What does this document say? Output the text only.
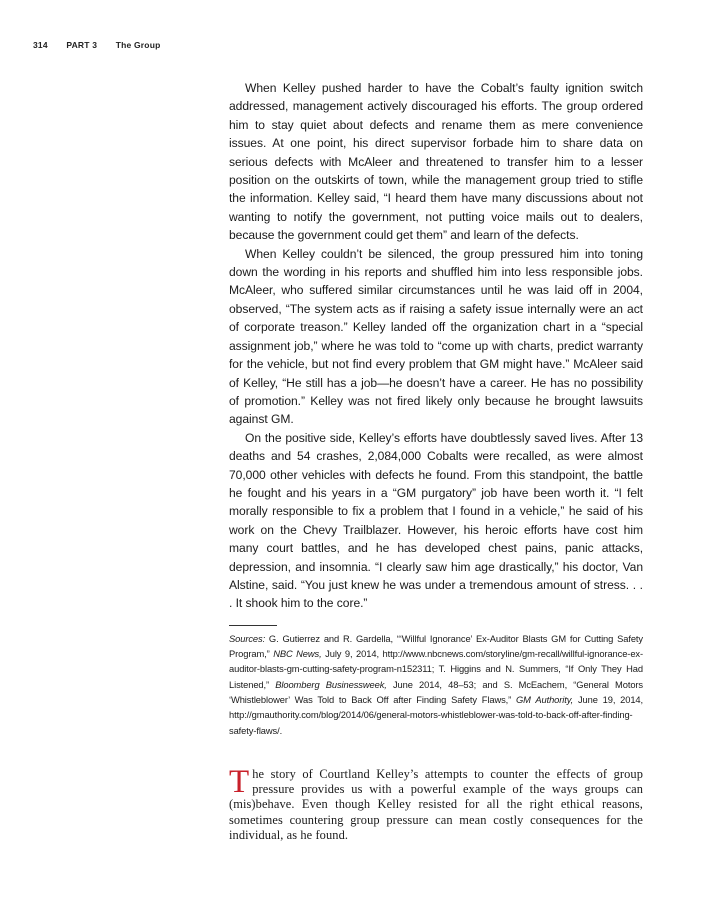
314 PART 3 The Group

When Kelley pushed harder to have the Cobalt’s faulty ignition switch addressed, management actively discouraged his efforts. The group ordered him to stay quiet about defects and rename them as mere convenience issues. At one point, his direct supervisor forbade him to share data on serious defects with McAleer and threatened to transfer him to a lesser position on the outskirts of town, while the management group tried to stifle the information. Kelley said, “I heard them have many discussions about not wanting to notify the government, not putting voice mails out to dealers, because the government could get them” and learn of the defects.

When Kelley couldn’t be silenced, the group pressured him into toning down the wording in his reports and shuffled him into less responsible jobs. McAleer, who suffered similar circumstances until he was laid off in 2004, observed, “The system acts as if raising a safety issue internally were an act of corporate treason.” Kelley landed off the organization chart in a “special assignment job,” where he was told to “come up with charts, predict warranty for the vehicle, but not find every problem that GM might have.” McAleer said of Kelley, “He still has a job—he doesn’t have a career. He has no possibility of promotion.” Kelley was not fired likely only because he brought lawsuits against GM.

On the positive side, Kelley’s efforts have doubtlessly saved lives. After 13 deaths and 54 crashes, 2,084,000 Cobalts were recalled, as were almost 70,000 other vehicles with defects he found. From this standpoint, the battle he fought and his years in a “GM purgatory” job have been worth it. “I felt morally responsible to fix a problem that I found in a vehicle,” he said of his work on the Chevy Trailblazer. However, his heroic efforts have cost him many court battles, and he has developed chest pains, panic attacks, depression, and insomnia. “I clearly saw him age drastically,” his doctor, Van Alstine, said. “You just knew he was under a tremendous amount of stress. . . . It shook him to the core.”

Sources: G. Gutierrez and R. Gardella, “‘Willful Ignorance’ Ex-Auditor Blasts GM for Cutting Safety Program,” NBC News, July 9, 2014, http://www.nbcnews.com/storyline/gm-recall/willful-ignorance-ex-auditor-blasts-gm-cutting-safety-program-n152311; T. Higgins and N. Summers, “If Only They Had Listened,” Bloomberg Businessweek, June 2014, 48–53; and S. McEachem, “General Motors ‘Whistleblower’ Was Told to Back Off after Finding Safety Flaws,” GM Authority, June 19, 2014, http://gmauthority.com/blog/2014/06/general-motors-whistleblower-was-told-to-back-off-after-finding-safety-flaws/.

The story of Courtland Kelley’s attempts to counter the effects of group pressure provides us with a powerful example of the ways groups can (mis)behave. Even though Kelley resisted for all the right ethical reasons, sometimes countering group pressure can mean costly consequences for the individual, as he found.
